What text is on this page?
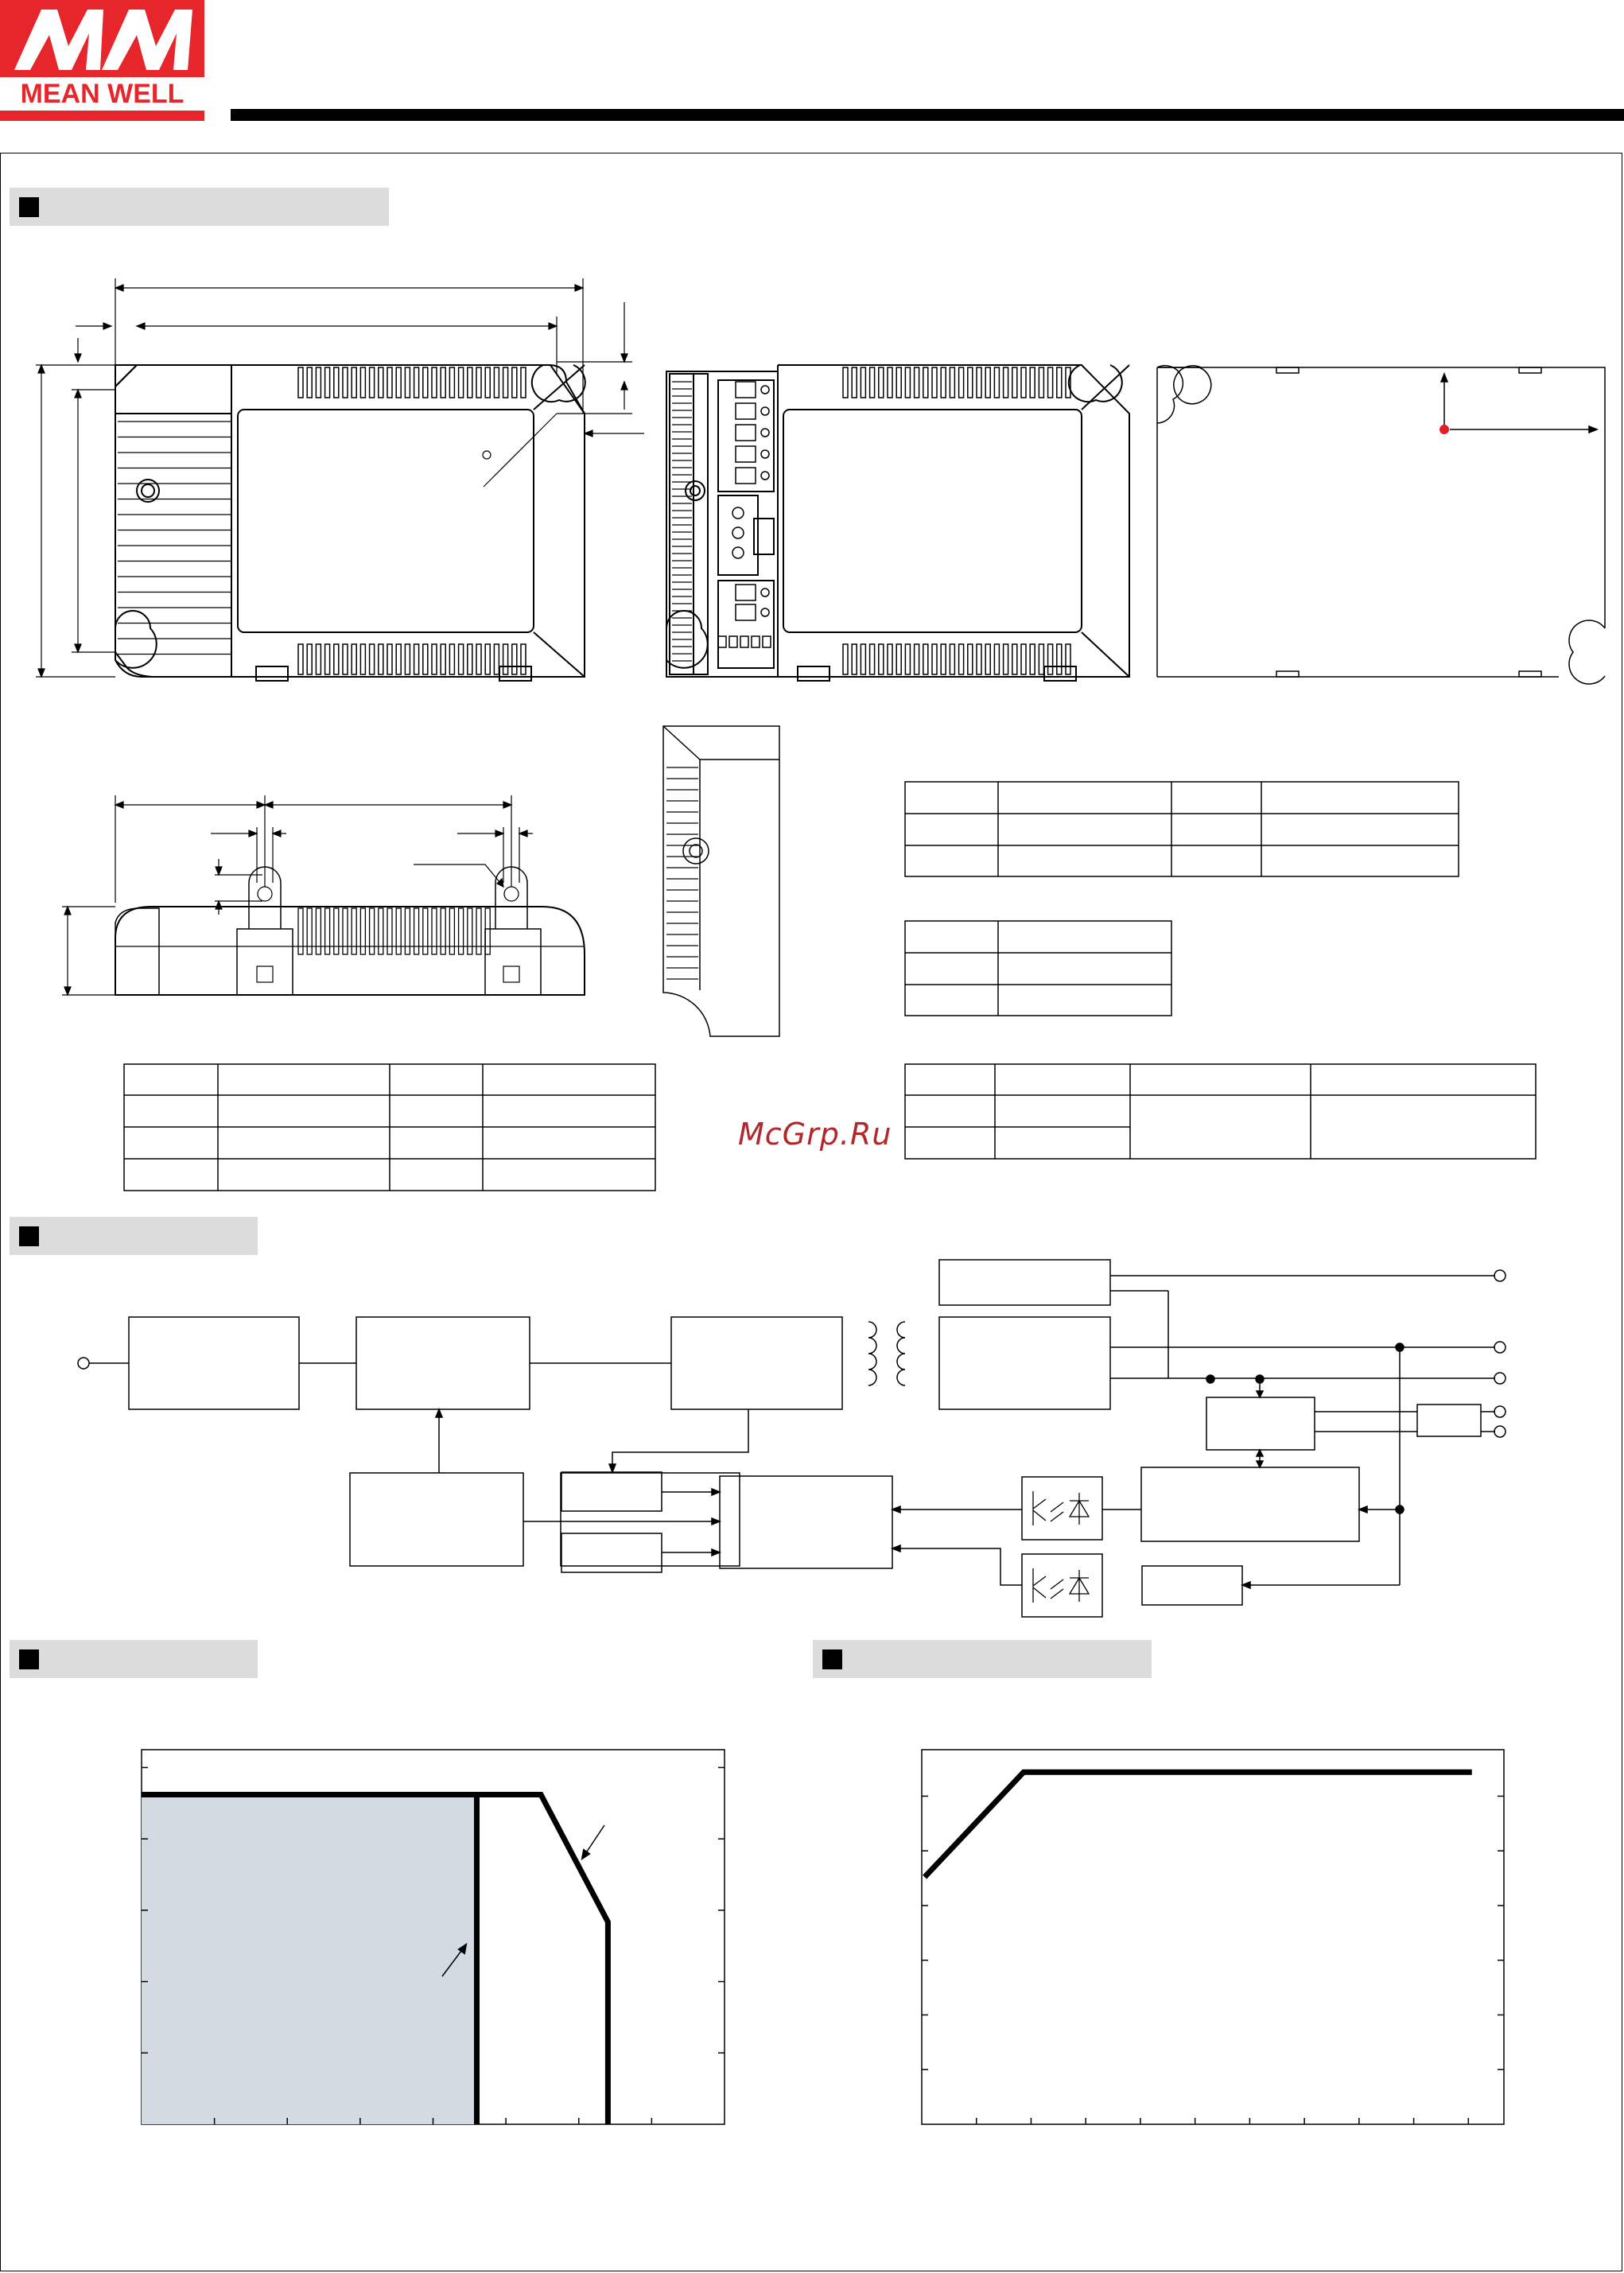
MEAN WELL
McGrp.Ru
